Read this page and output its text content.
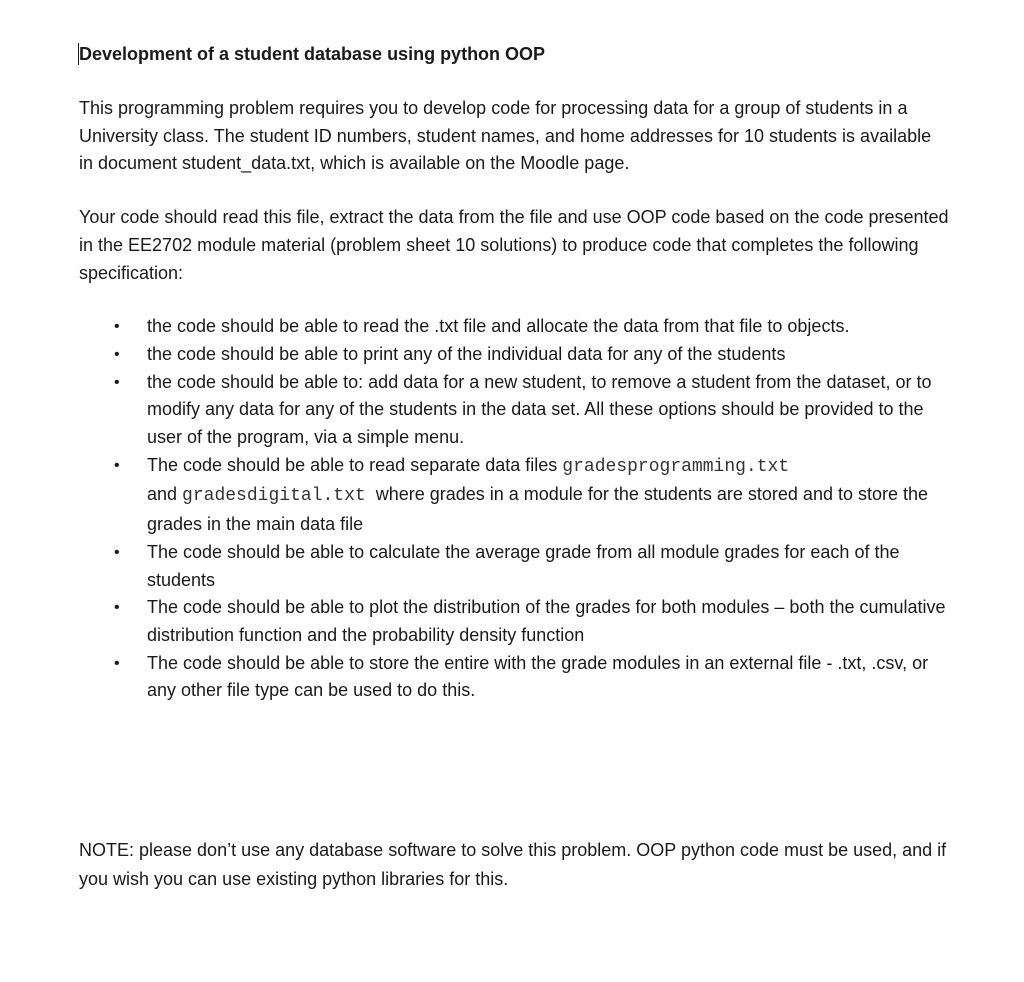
Development of a student database using python OOP

This programming problem requires you to develop code for processing data for a group of students in a University class. The student ID numbers, student names, and home addresses for 10 students is available in document student_data.txt, which is available on the Moodle page.

Your code should read this file, extract the data from the file and use OOP code based on the code presented in the EE2702 module material (problem sheet 10 solutions) to produce code that completes the following specification:

• the code should be able to read the .txt file and allocate the data from that file to objects.
• the code should be able to print any of the individual data for any of the students
• the code should be able to: add data for a new student, to remove a student from the dataset, or to modify any data for any of the students in the data set. All these options should be provided to the user of the program, via a simple menu.
• The code should be able to read separate data files gradesprogramming.txt
and gradesdigital.txt  where grades in a module for the students are stored and to store the grades in the main data file
• The code should be able to calculate the average grade from all module grades for each of the students
• The code should be able to plot the distribution of the grades for both modules – both the cumulative distribution function and the probability density function
• The code should be able to store the entire with the grade modules in an external file - .txt, .csv, or any other file type can be used to do this.

NOTE: please don’t use any database software to solve this problem. OOP python code must be used, and if you wish you can use existing python libraries for this.
